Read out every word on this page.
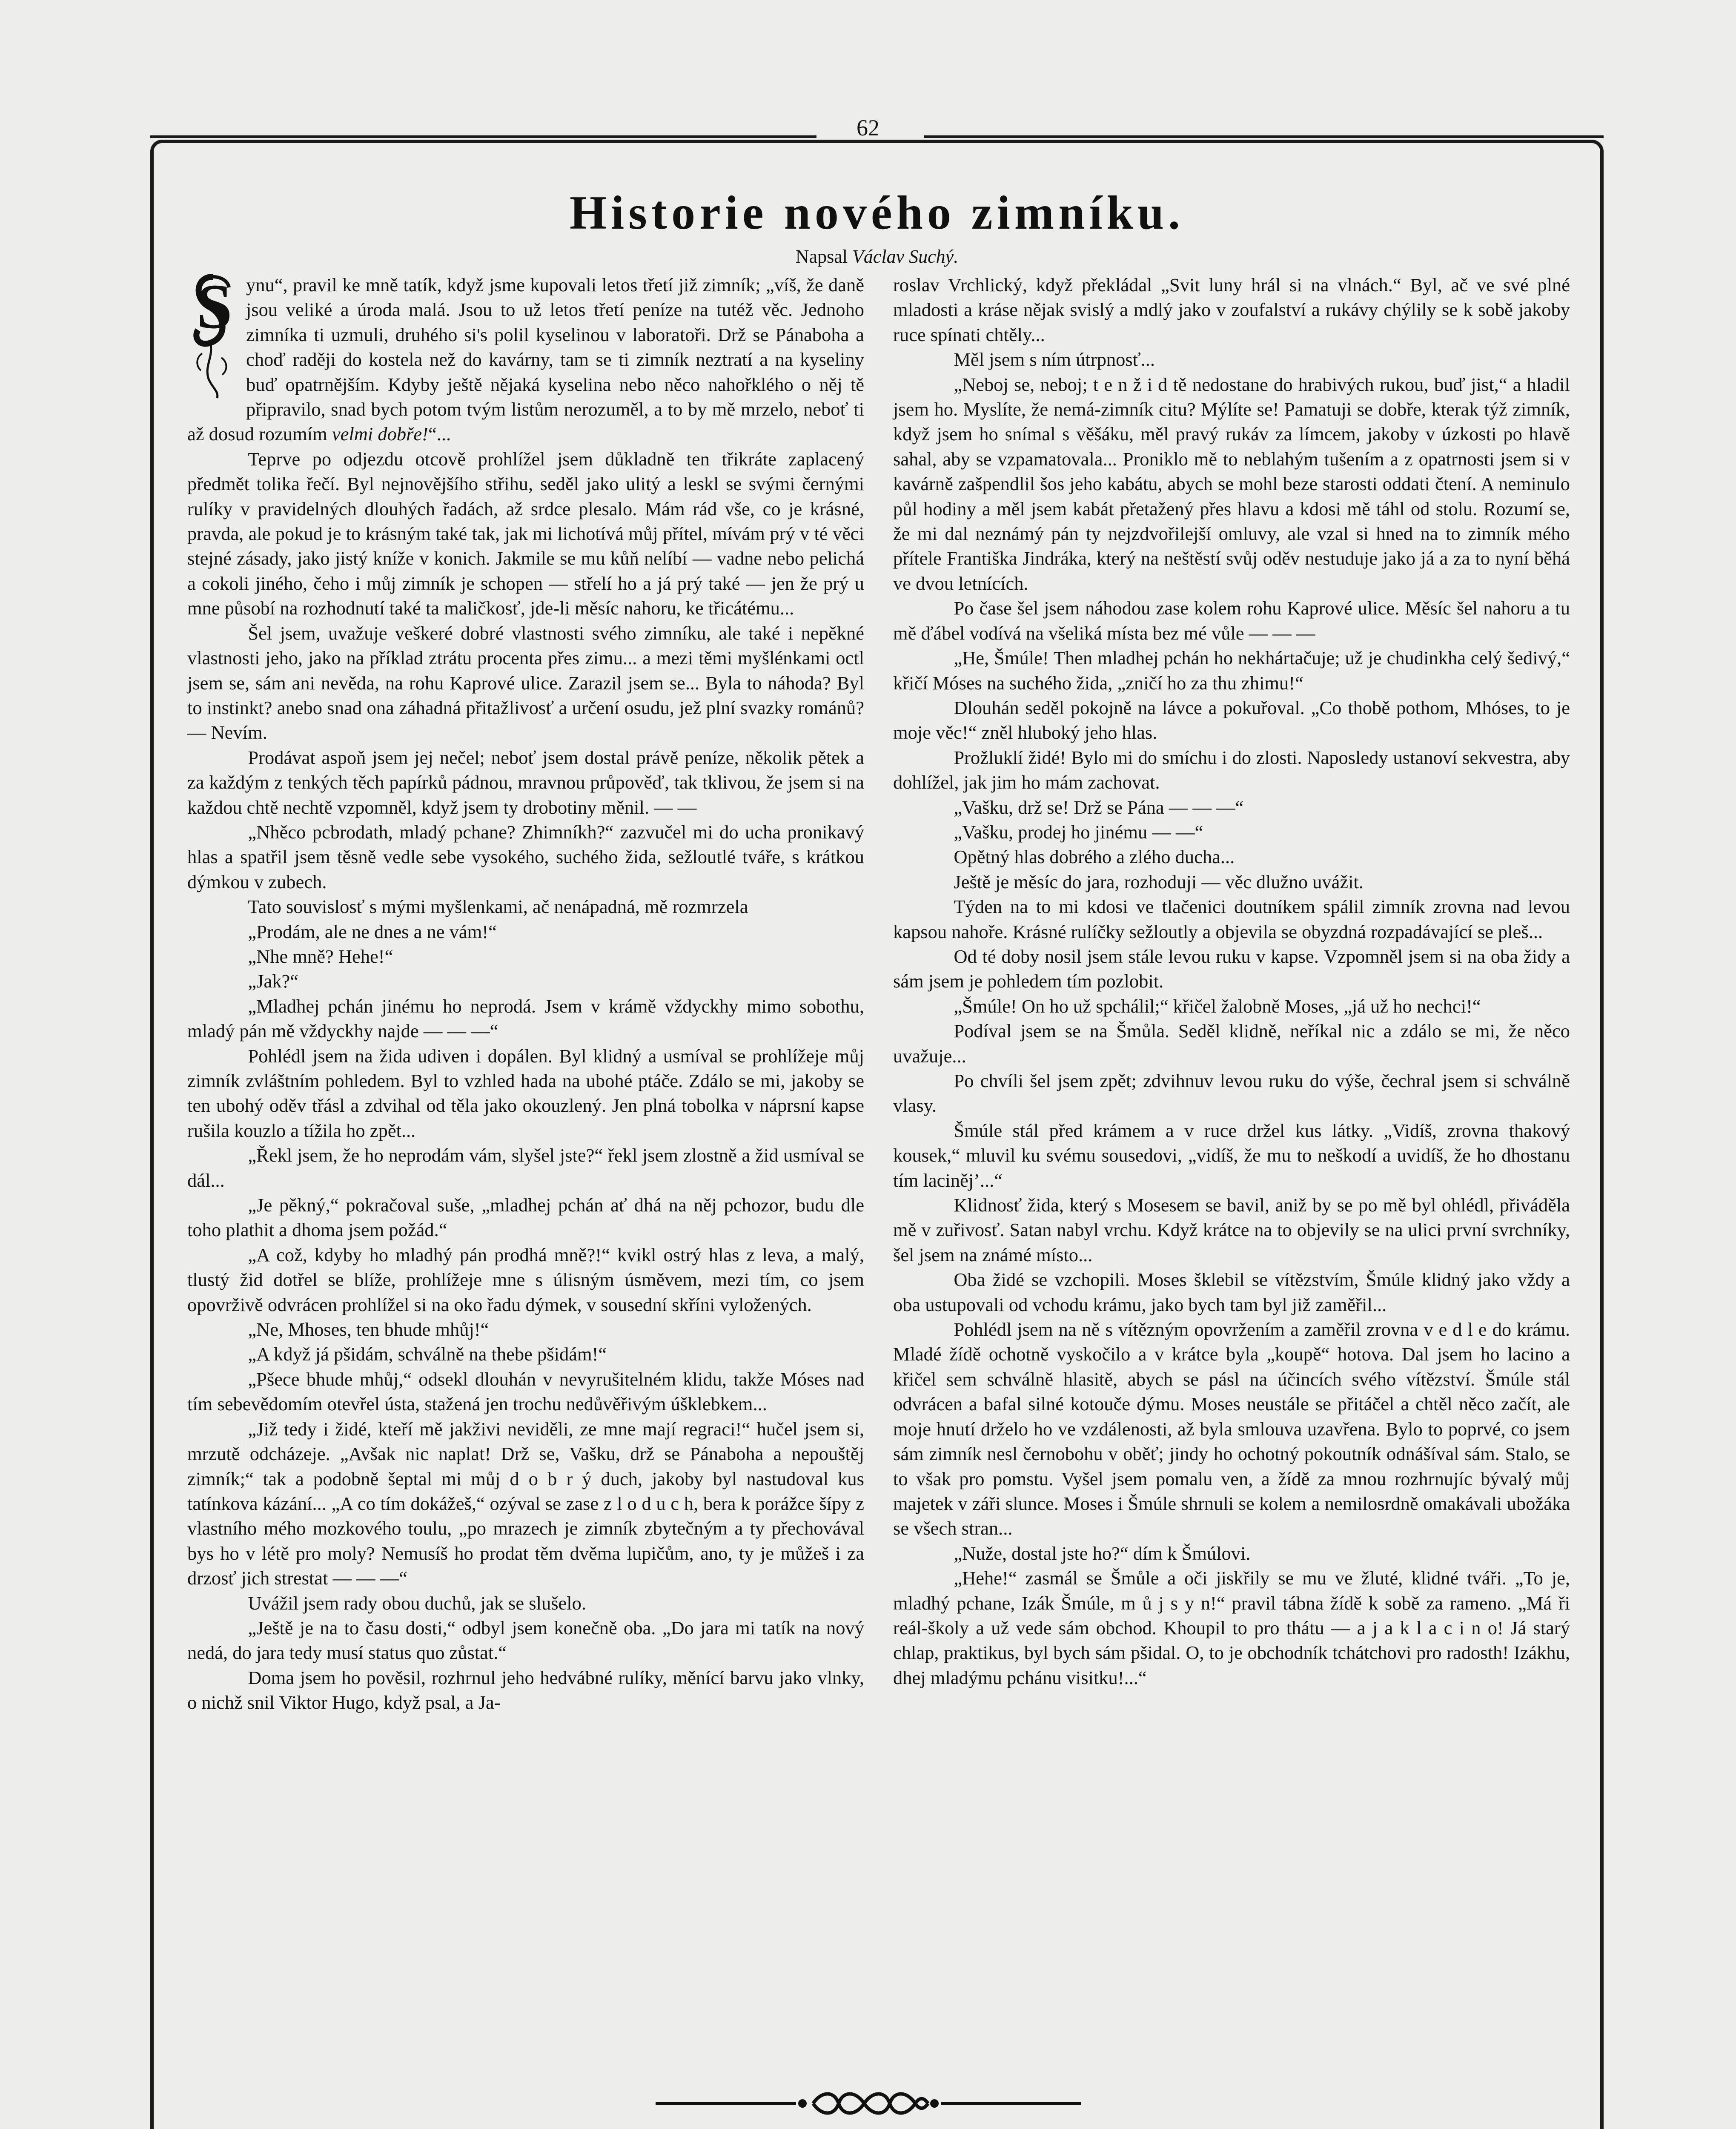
62
Historie nového zimníku.
Napsal Václav Suchý.
S ynu“, pravil ke mně tatík, když jsme kupovali letos třetí již zimník; „víš, že daně jsou veliké a úroda malá. Jsou to už letos třetí peníze na tutéž věc. Jednoho zimníka ti uzmuli, druhého si's polil kyselinou v laboratoři. Drž se Pánaboha a choď raději do kostela než do kavárny, tam se ti zimník neztratí a na kyseliny buď opatrnějším. Kdyby ještě nějaká kyselina nebo něco nahořklého o něj tě připravilo, snad bych potom tvým listům nerozuměl, a to by mě mrzelo, neboť ti až dosud rozumím velmi dobře!“...

Teprve po odjezdu otcově prohlížel jsem důkladně ten třikráte zaplacený předmět tolika řečí. Byl nejnovějšího střihu, seděl jako ulitý a leskl se svými černými rulíky v pravidelných dlouhých řadách, až srdce plesalo. Mám rád vše, co je krásné, pravda, ale pokud je to krásným také tak, jak mi lichotívá můj přítel, mívám prý v té věci stejné zásady, jako jistý kníže v konich. Jakmile se mu kůň nelíbí — vadne nebo pelichá a cokoli jiného, čeho i můj zimník je schopen — střelí ho a já prý také — jen že prý u mne působí na rozhodnutí také ta maličkosť, jde-li měsíc nahoru, ke třicátému...

Šel jsem, uvažuje veškeré dobré vlastnosti svého zimníku, ale také i nepěkné vlastnosti jeho, jako na příklad ztrátu procenta přes zimu... a mezi těmi myšlénkami octl jsem se, sám ani nevěda, na rohu Kaprové ulice. Zarazil jsem se... Byla to náhoda? Byl to instinkt? anebo snad ona záhadná přitažlivosť a určení osudu, jež plní svazky románů? — Nevím.

Prodávat aspoň jsem jej nečel; neboť jsem dostal právě peníze, několik pětek a za každým z tenkých těch papírků pádnou, mravnou průpověď, tak tklivou, že jsem si na každou chtě nechtě vzpomněl, když jsem ty drobotiny měnil. — —

„Nhěco pcbrodath, mladý pchane? Zhimníkh?“ zazvučel mi do ucha pronikavý hlas a spatřil jsem těsně vedle sebe vysokého, suchého žida, sežloutlé tváře, s krátkou dýmkou v zubech.

Tato souvislosť s mými myšlenkami, ač nenápadná, mě rozmrzela

„Prodám, ale ne dnes a ne vám!“

„Nhe mně? Hehe!“

„Jak?“

„Mladhej pchán jinému ho neprodá. Jsem v krámě vždyckhy mimo sobothu, mladý pán mě vždyckhy najde — — —“

Pohlédl jsem na žida udiven i dopálen. Byl klidný a usmíval se prohlížeje můj zimník zvláštním pohledem. Byl to vzhled hada na ubohé ptáče. Zdálo se mi, jakoby se ten ubohý oděv třásl a zdvihal od těla jako okouzlený. Jen plná tobolka v náprsní kapse rušila kouzlo a tížila ho zpět...

„Řekl jsem, že ho neprodám vám, slyšel jste?“ řekl jsem zlostně a žid usmíval se dál...

„Je pěkný,“ pokračoval suše, „mladhej pchán ať dhá na něj pchozor, budu dle toho plathit a dhoma jsem požád.“

„A což, kdyby ho mladhý pán prodhá mně?!“ kvikl ostrý hlas z leva, a malý, tlustý žid dotřel se blíže, prohlížeje mne s úlisným úsměvem, mezi tím, co jsem opovrživě odvrácen prohlížel si na oko řadu dýmek, v sousední skříni vyložených.

„Ne, Mhoses, ten bhude mhůj!“

„A když já pšidám, schválně na thebe pšidám!“

„Pšece bhude mhůj,“ odsekl dlouhán v nevyrušitelném klidu, takže Móses nad tím sebevědomím otevřel ústa, stažená jen trochu nedůvěřivým úšklebkem...

„Již tedy i židé, kteří mě jakživi neviděli, ze mne mají regraci!“ hučel jsem si, mrzutě odcházeje. „Avšak nic naplat! Drž se, Vašku, drž se Pánaboha a nepouštěj zimník;“ tak a podobně šeptal mi můj d o b r ý duch, jakoby byl nastudoval kus tatínkova kázání... „A co tím dokážeš,“ ozýval se zase z l o d u c h, bera k porážce šípy z vlastního mého mozkového toulu, „po mrazech je zimník zbytečným a ty přechovával bys ho v létě pro moly? Nemusíš ho prodat těm dvěma lupičům, ano, ty je můžeš i za drzosť jich strestat — — —“

Uvážil jsem rady obou duchů, jak se slušelo.

„Ještě je na to času dosti,“ odbyl jsem konečně oba. „Do jara mi tatík na nový nedá, do jara tedy musí status quo zůstat.“

Doma jsem ho pověsil, rozhrnul jeho hedvábné rulíky, měnící barvu jako vlnky, o nichž snil Viktor Hugo, když psal, a Ja-

roslav Vrchlický, když překládal „Svit luny hrál si na vlnách.“ Byl, ač ve své plné mladosti a kráse nějak svislý a mdlý jako v zoufalství a rukávy chýlily se k sobě jakoby ruce spínati chtěly...

Měl jsem s ním útrpnosť...

„Neboj se, neboj; t e n ž i d tě nedostane do hrabivých rukou, buď jist,“ a hladil jsem ho. Myslíte, že nemá-zimník citu? Mýlíte se! Pamatuji se dobře, kterak týž zimník, když jsem ho snímal s věšáku, měl pravý rukáv za límcem, jakoby v úzkosti po hlavě sahal, aby se vzpamatovala... Proniklo mě to neblahým tušením a z opatrnosti jsem si v kavárně zašpendlil šos jeho kabátu, abych se mohl beze starosti oddati čtení. A neminulo půl hodiny a měl jsem kabát přetažený přes hlavu a kdosi mě táhl od stolu. Rozumí se, že mi dal neznámý pán ty nejzdvořilejší omluvy, ale vzal si hned na to zimník mého přítele Františka Jindráka, který na neštěstí svůj oděv nestuduje jako já a za to nyní běhá ve dvou letnících.

Po čase šel jsem náhodou zase kolem rohu Kaprové ulice. Měsíc šel nahoru a tu mě ďábel vodívá na všeliká místa bez mé vůle — — —

„He, Šmúle! Then mladhej pchán ho nekhártačuje; už je chudinkha celý šedivý,“ křičí Móses na suchého žida, „zničí ho za thu zhimu!“

Dlouhán seděl pokojně na lávce a pokuřoval. „Co thobě pothom, Mhóses, to je moje věc!“ zněl hluboký jeho hlas.

Prožluklí židé! Bylo mi do smíchu i do zlosti. Naposledy ustanoví sekvestra, aby dohlížel, jak jim ho mám zachovat.

„Vašku, drž se! Drž se Pána — — —“

„Vašku, prodej ho jinému — —“

Opětný hlas dobrého a zlého ducha...

Ještě je měsíc do jara, rozhoduji — věc dlužno uvážit.

Týden na to mi kdosi ve tlačenici doutníkem spálil zimník zrovna nad levou kapsou nahoře. Krásné rulíčky sežloutly a objevila se obyzdná rozpadávající se pleš...

Od té doby nosil jsem stále levou ruku v kapse. Vzpomněl jsem si na oba židy a sám jsem je pohledem tím pozlobit.

„Šmúle! On ho už spchálil;“ křičel žalobně Moses, „já už ho nechci!“

Podíval jsem se na Šmůla. Seděl klidně, neříkal nic a zdálo se mi, že něco uvažuje...

Po chvíli šel jsem zpět; zdvihnuv levou ruku do výše, čechral jsem si schválně vlasy.

Šmúle stál před krámem a v ruce držel kus látky. „Vidíš, zrovna thakový kousek,“ mluvil ku svému sousedovi, „vidíš, že mu to neškodí a uvidíš, že ho dhostanu tím laciněj’...“

Klidnosť žida, který s Mosesem se bavil, aniž by se po mě byl ohlédl, přiváděla mě v zuřivosť. Satan nabyl vrchu. Když krátce na to objevily se na ulici první svrchníky, šel jsem na známé místo...

Oba židé se vzchopili. Moses šklebil se vítězstvím, Šmúle klidný jako vždy a oba ustupovali od vchodu krámu, jako bych tam byl již zaměřil...

Pohlédl jsem na ně s vítězným opovržením a zaměřil zrovna v e d l e do krámu. Mladé žídě ochotně vyskočilo a v krátce byla „koupě“ hotova. Dal jsem ho lacino a křičel sem schválně hlasitě, abych se pásl na účincích svého vítězství. Šmúle stál odvrácen a bafal silné kotouče dýmu. Moses neustále se přitáčel a chtěl něco začít, ale moje hnutí drželo ho ve vzdálenosti, až byla smlouva uzavřena. Bylo to poprvé, co jsem sám zimník nesl černobohu v oběť; jindy ho ochotný pokoutník odnášíval sám. Stalo, se to však pro pomstu. Vyšel jsem pomalu ven, a žídě za mnou rozhrnujíc bývalý můj majetek v záři slunce. Moses i Šmúle shrnuli se kolem a nemilosrdně omakávali ubožáka se všech stran...

„Nuže, dostal jste ho?“ dím k Šmúlovi.

„Hehe!“ zasmál se Šmůle a oči jiskřily se mu ve žluté, klidné tváři. „To je, mladhý pchane, Izák Šmúle, m ů j s y n!“ pravil tábna žídě k sobě za rameno. „Má ři reál-školy a už vede sám obchod. Khoupil to pro thátu — a j a k l a c i n o! Já starý chlap, praktikus, byl bych sám pšidal. O, to je obchodník tchátchovi pro radosth! Izákhu, dhej mladýmu pchánu visitku!...“
